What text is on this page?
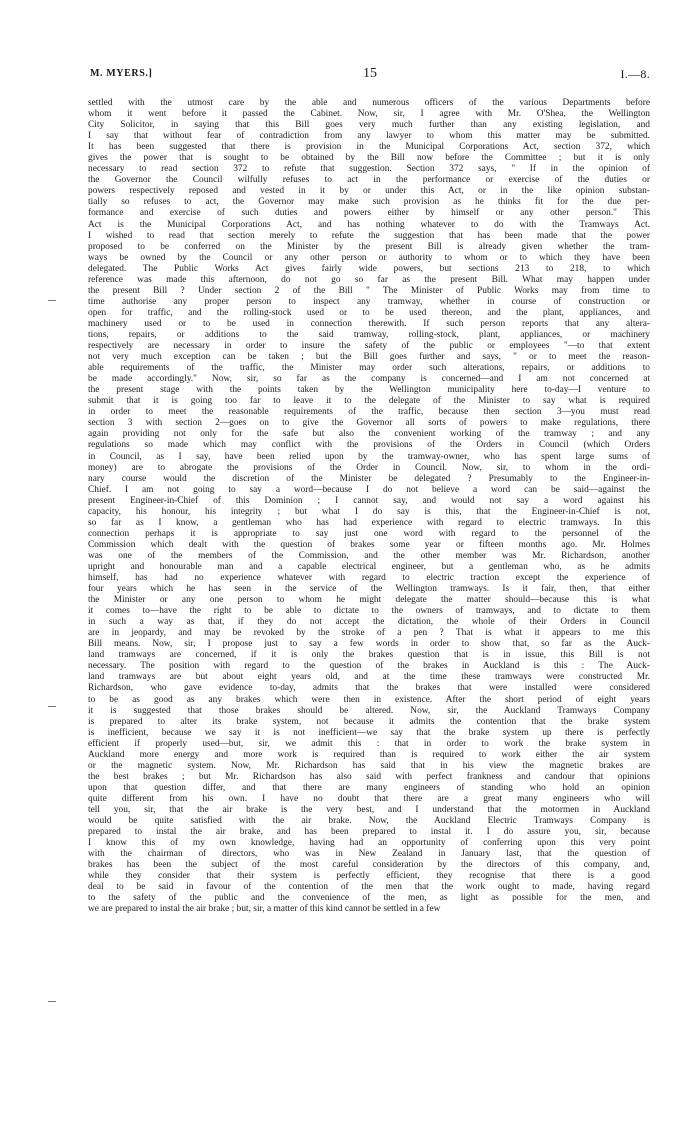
M. MYERS.]	15	I.—8.
settled with the utmost care by the able and numerous officers of the various Departments before
whom it went before it passed the Cabinet. Now, sir, I agree with Mr. O'Shea, the Wellington
City Solicitor, in saying that this Bill goes very much further than any existing legislation, and
I say that without fear of contradiction from any lawyer to whom this matter may be submitted.
It has been suggested that there is provision in the Municipal Corporations Act, section 372, which
gives the power that is sought to be obtained by the Bill now before the Committee ; but it is only
necessary to read section 372 to refute that suggestion. Section 372 says, " If in the opinion of
the Governor the Council wilfully refuses to act in the performance or exercise of the duties or
powers respectively reposed and vested in it by or under this Act, or in the like opinion substan-
tially so refuses to act, the Governor may make such provision as he thinks fit for the due per-
formance and exercise of such duties and powers either by himself or any other person." This
Act is the Municipal Corporations Act, and has nothing whatever to do with the Tramways Act.
I wished to read that section merely to refute the suggestion that has been made that the power
proposed to be conferred on the Minister by the present Bill is already given whether the tram-
ways be owned by the Council or any other person or authority to whom or to which they have been
delegated. The Public Works Act gives fairly wide powers, but sections 213 to 218, to which
reference was made this afternoon, do not go so far as the present Bill. What may happen under
the present Bill ? Under section 2 of the Bill " The Minister of Public Works may from time to
time authorise any proper person to inspect any tramway, whether in course of construction or
open for traffic, and the rolling-stock used or to be used thereon, and the plant, appliances, and
machinery used or to be used in connection therewith. If such person reports that any altera-
tions, repairs, or additions to the said tramway, rolling-stock, plant, appliances, or machinery
respectively are necessary in order to insure the safety of the public or employees "—to that extent
not very much exception can be taken ; but the Bill goes further and says, " or to meet the reason-
able requirements of the traffic, the Minister may order such alterations, repairs, or additions to
be made accordingly." Now, sir, so far as the company is concerned—and I am not concerned at
the present stage with the points taken by the Wellington municipality here to-day—I venture to
submit that it is going too far to leave it to the delegate of the Minister to say what is required
in order to meet the reasonable requirements of the traffic, because then section 3—you must read
section 3 with section 2—goes on to give the Governor all sorts of powers to make regulations, there
again providing not only for the safe but also the convenient working of the tramway ; and any
regulations so made which may conflict with the provisions of the Orders in Council (which Orders
in Council, as I say, have been relied upon by the tramway-owner, who has spent large sums of
money) are to abrogate the provisions of the Order in Council. Now, sir, to whom in the ordi-
nary course would the discretion of the Minister be delegated ? Presumably to the Engineer-in-
Chief. I am not going to say a word—because I do not believe a word can be said—against the
present Engineer-in-Chief of this Dominion ; I cannot say, and would not say a word against his
capacity, his honour, his integrity ; but what I do say is this, that the Engineer-in-Chief is not,
so far as I know, a gentleman who has had experience with regard to electric tramways. In this
connection perhaps it is appropriate to say just one word with regard to the personnel of the
Commission which dealt with the question of brakes some year or fifteen months ago. Mr. Holmes
was one of the members of the Commission, and the other member was Mr. Richardson, another
upright and honourable man and a capable electrical engineer, but a gentleman who, as he admits
himself, has had no experience whatever with regard to electric traction except the experience of
four years which he has seen in the service of the Wellington tramways. Is it fair, then, that either
the Minister or any one person to whom he might delegate the matter should—because this is what
it comes to—have the right to be able to dictate to the owners of tramways, and to dictate to them
in such a way as that, if they do not accept the dictation, the whole of their Orders in Council
are in jeopardy, and may be revoked by the stroke of a pen ? That is what it appears to me this
Bill means. Now, sir, I propose just to say a few words in order to show that, so far as the Auck-
land tramways are concerned, if it is only the brakes question that is in issue, this Bill is not
necessary. The position with regard to the question of the brakes in Auckland is this : The Auck-
land tramways are but about eight years old, and at the time these tramways were constructed Mr.
Richardson, who gave evidence to-day, admits that the brakes that were installed were considered
to be as good as any brakes which were then in existence. After the short period of eight years
it is suggested that those brakes should be altered. Now, sir, the Auckland Tramways Company
is prepared to alter its brake system, not because it admits the contention that the brake system
is inefficient, because we say it is not inefficient—we say that the brake system up there is perfectly
efficient if properly used—but, sir, we admit this : that in order to work the brake system in
Auckland more energy and more work is required than is required to work either the air system
or the magnetic system. Now, Mr. Richardson has said that in his view the magnetic brakes are
the best brakes ; but Mr. Richardson has also said with perfect frankness and candour that opinions
upon that question differ, and that there are many engineers of standing who hold an opinion
quite different from his own. I have no doubt that there are a great many engineers who will
tell you, sir, that the air brake is the very best, and I understand that the motormen in Auckland
would be quite satisfied with the air brake. Now, the Auckland Electric Tramways Company is
prepared to instal the air brake, and has been prepared to instal it. I do assure you, sir, because
I know this of my own knowledge, having had an opportunity of conferring upon this very point
with the chairman of directors, who was in New Zealand in January last, that the question of
brakes has been the subject of the most careful consideration by the directors of this company, and,
while they consider that their system is perfectly efficient, they recognise that there is a good
deal to be said in favour of the contention of the men that the work ought to made, having regard
to the safety of the public and the convenience of the men, as light as possible for the men, and
we are prepared to instal the air brake ; but, sir, a matter of this kind cannot be settled in a few
